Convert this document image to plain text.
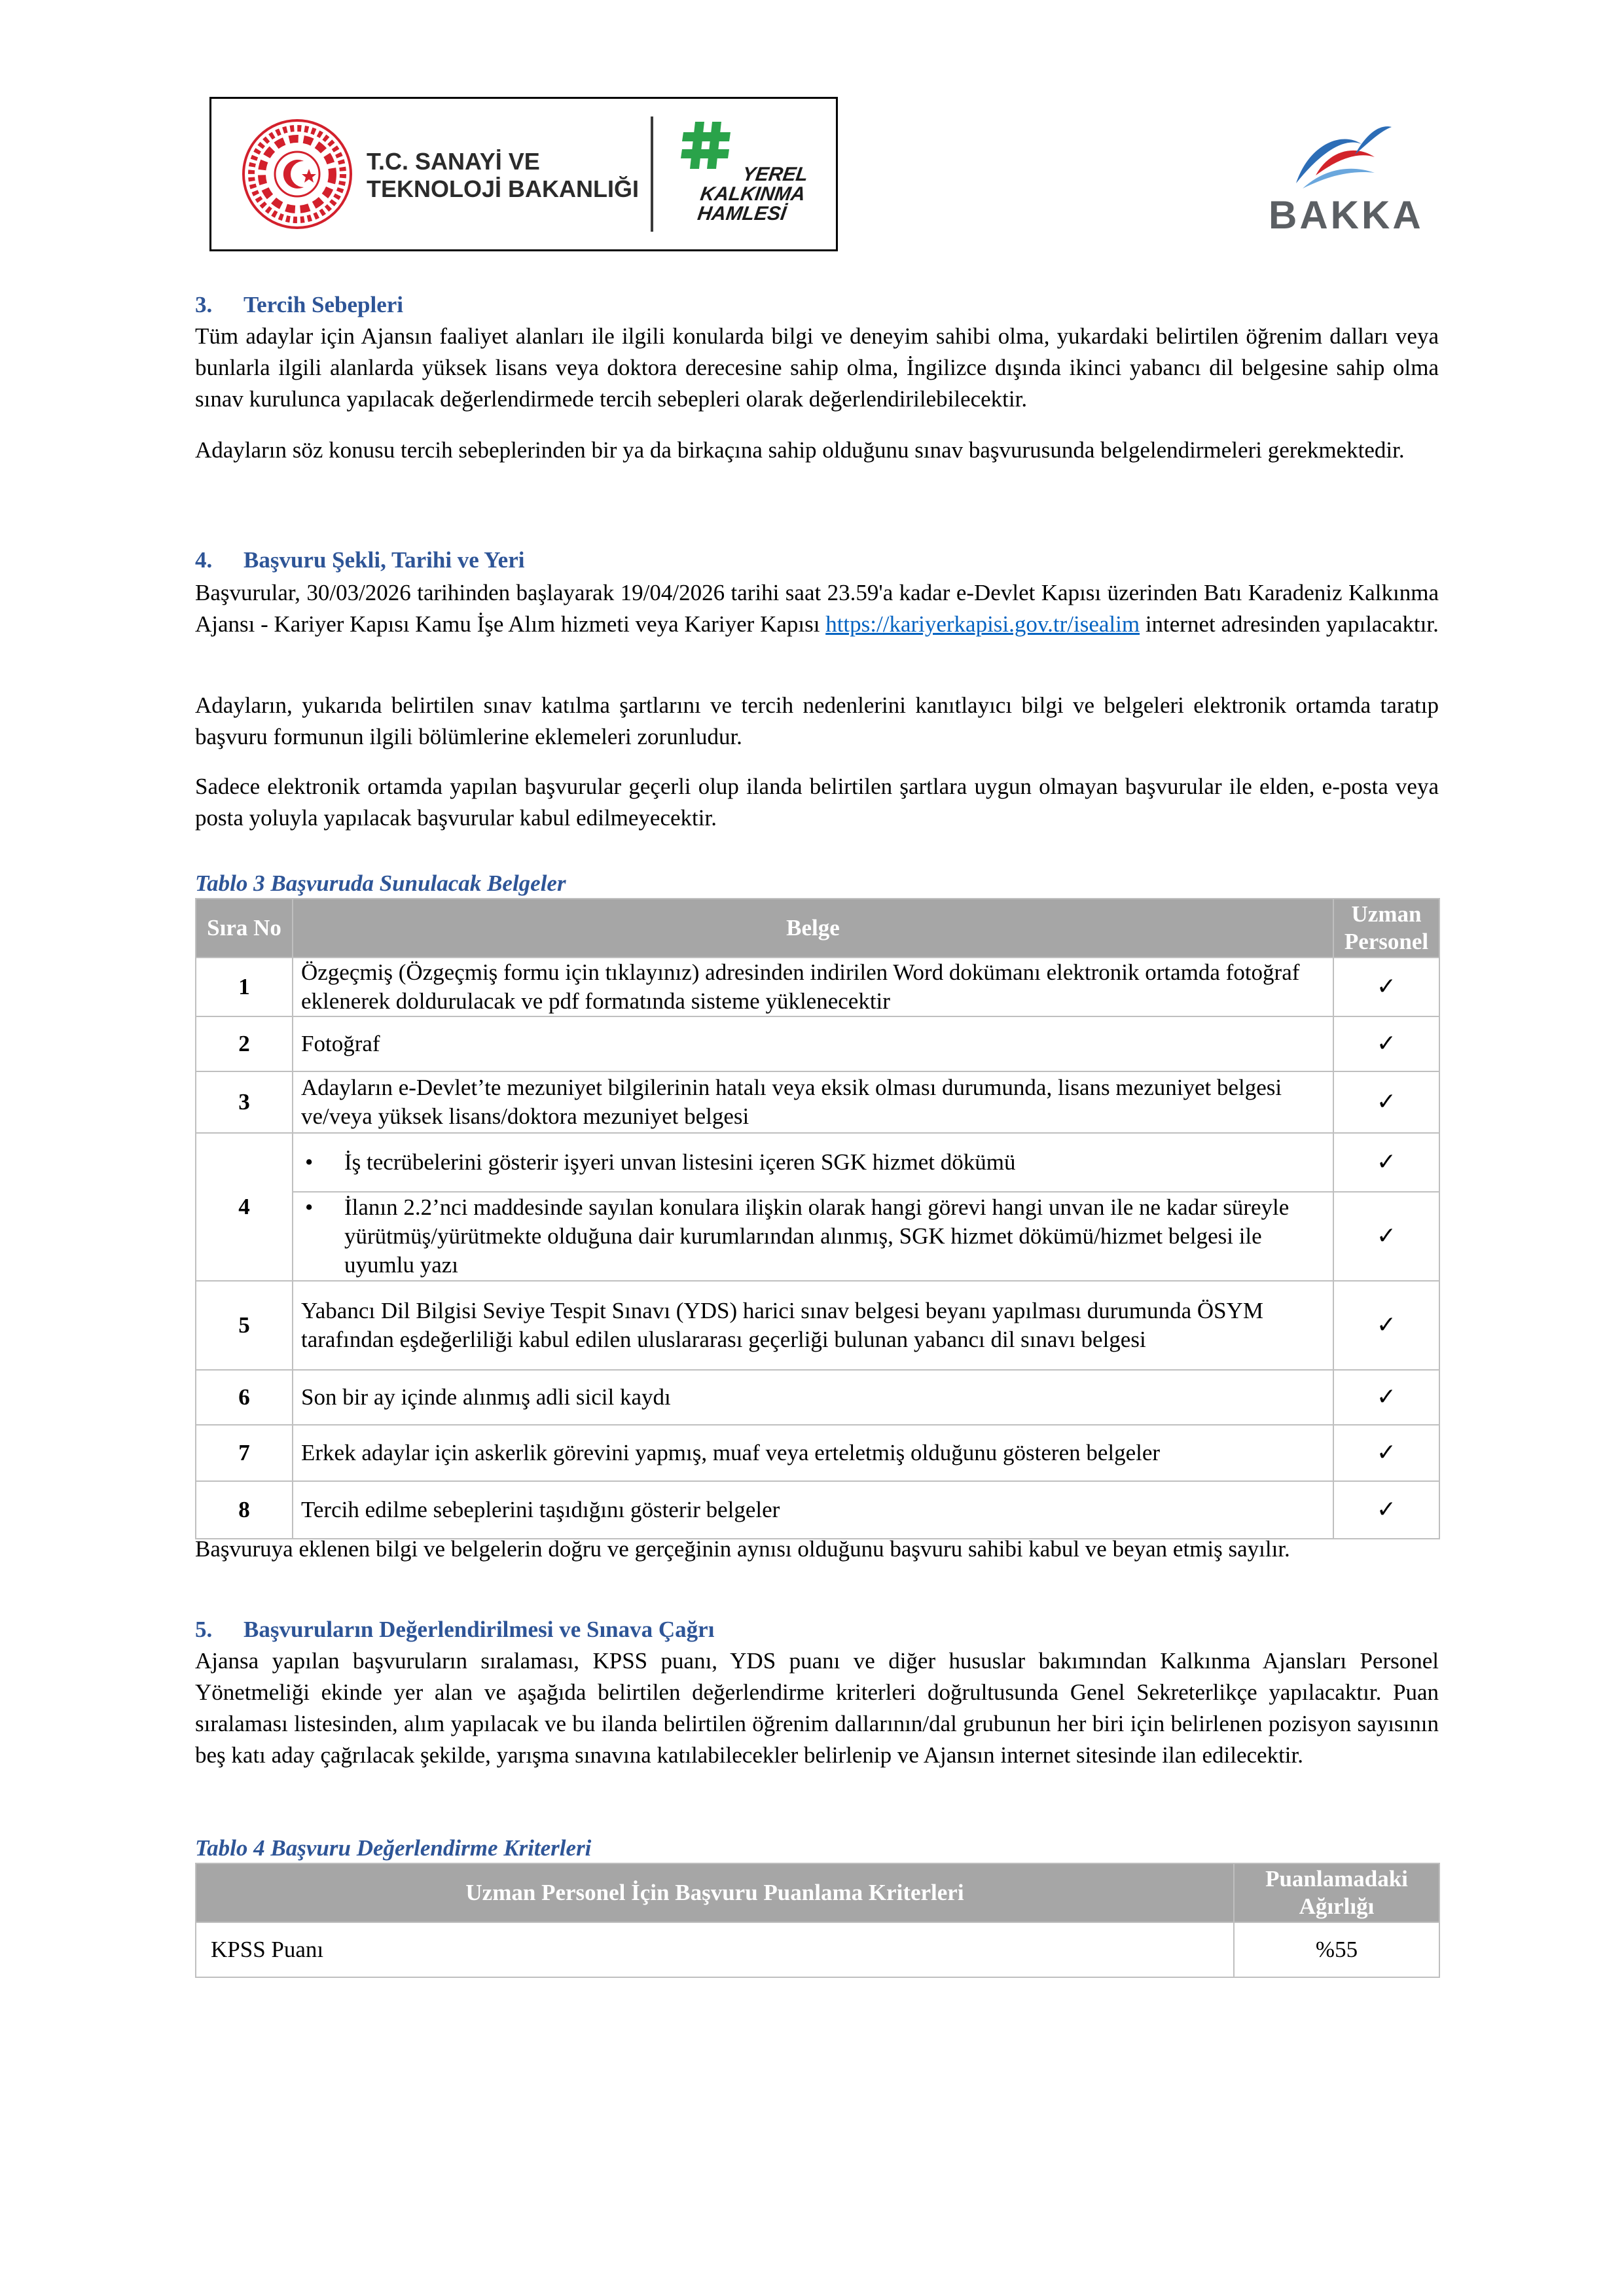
T.C. SANAYİ VE
TEKNOLOJİ BAKANLIĞI
YEREL
KALKINMA
HAMLESİ	BAKKA
3. Tercih Sebepleri
Tüm adaylar için Ajansın faaliyet alanları ile ilgili konularda bilgi ve deneyim sahibi olma, yukardaki belirtilen öğrenim dalları veya bunlarla ilgili alanlarda yüksek lisans veya doktora derecesine sahip olma, İngilizce dışında ikinci yabancı dil belgesine sahip olma sınav kurulunca yapılacak değerlendirmede tercih sebepleri olarak değerlendirilebilecektir.
Adayların söz konusu tercih sebeplerinden bir ya da birkaçına sahip olduğunu sınav başvurusunda belgelendirmeleri gerekmektedir.
4. Başvuru Şekli, Tarihi ve Yeri
Başvurular, 30/03/2026 tarihinden başlayarak 19/04/2026 tarihi saat 23.59'a kadar e-Devlet Kapısı üzerinden Batı Karadeniz Kalkınma Ajansı - Kariyer Kapısı Kamu İşe Alım hizmeti veya Kariyer Kapısı https://kariyerkapisi.gov.tr/isealim internet adresinden yapılacaktır.
Adayların, yukarıda belirtilen sınav katılma şartlarını ve tercih nedenlerini kanıtlayıcı bilgi ve belgeleri elektronik ortamda taratıp başvuru formunun ilgili bölümlerine eklemeleri zorunludur.
Sadece elektronik ortamda yapılan başvurular geçerli olup ilanda belirtilen şartlara uygun olmayan başvurular ile elden, e-posta veya posta yoluyla yapılacak başvurular kabul edilmeyecektir.
Tablo 3 Başvuruda Sunulacak Belgeler
Sıra No	Belge	Uzman Personel
1	Özgeçmiş (Özgeçmiş formu için tıklayınız) adresinden indirilen Word dokümanı elektronik ortamda fotoğraf eklenerek doldurulacak ve pdf formatında sisteme yüklenecektir	✓
2	Fotoğraf	✓
3	Adayların e-Devlet’te mezuniyet bilgilerinin hatalı veya eksik olması durumunda, lisans mezuniyet belgesi ve/veya yüksek lisans/doktora mezuniyet belgesi	✓
4	• İş tecrübelerini gösterir işyeri unvan listesini içeren SGK hizmet dökümü	✓

	• İlanın 2.2’nci maddesinde sayılan konulara ilişkin olarak hangi görevi hangi unvan ile ne kadar süreyle yürütmüş/yürütmekte olduğuna dair kurumlarından alınmış, SGK hizmet dökümü/hizmet belgesi ile uyumlu yazı	✓
5	Yabancı Dil Bilgisi Seviye Tespit Sınavı (YDS) harici sınav belgesi beyanı yapılması durumunda ÖSYM tarafından eşdeğerliliği kabul edilen uluslararası geçerliği bulunan yabancı dil sınavı belgesi	✓
6	Son bir ay içinde alınmış adli sicil kaydı	✓
7	Erkek adaylar için askerlik görevini yapmış, muaf veya erteletmiş olduğunu gösteren belgeler	✓
8	Tercih edilme sebeplerini taşıdığını gösterir belgeler	✓
Başvuruya eklenen bilgi ve belgelerin doğru ve gerçeğinin aynısı olduğunu başvuru sahibi kabul ve beyan etmiş sayılır.
5. Başvuruların Değerlendirilmesi ve Sınava Çağrı
Ajansa yapılan başvuruların sıralaması, KPSS puanı, YDS puanı ve diğer hususlar bakımından Kalkınma Ajansları Personel Yönetmeliği ekinde yer alan ve aşağıda belirtilen değerlendirme kriterleri doğrultusunda Genel Sekreterlikçe yapılacaktır. Puan sıralaması listesinden, alım yapılacak ve bu ilanda belirtilen öğrenim dallarının/dal grubunun her biri için belirlenen pozisyon sayısının beş katı aday çağrılacak şekilde, yarışma sınavına katılabilecekler belirlenip ve Ajansın internet sitesinde ilan edilecektir.
Tablo 4 Başvuru Değerlendirme Kriterleri
Uzman Personel İçin Başvuru Puanlama Kriterleri	Puanlamadaki Ağırlığı
KPSS Puanı	%55
